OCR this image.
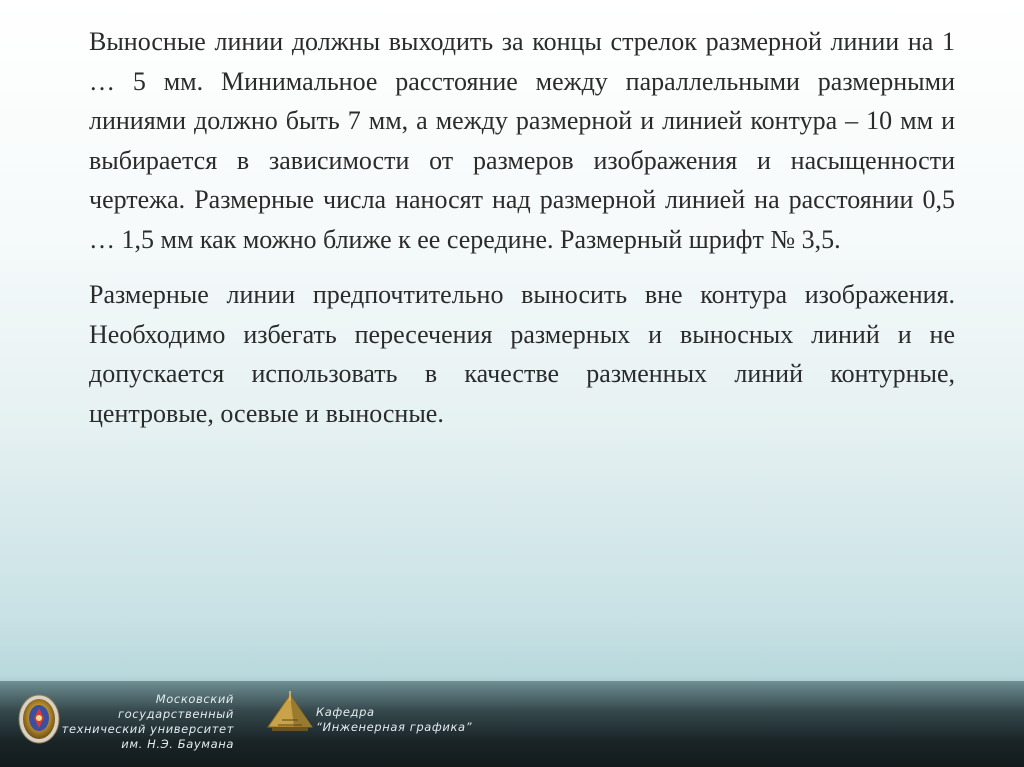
Выносные линии должны выходить за концы стрелок размерной линии на 1 … 5 мм. Минимальное расстояние между параллельными размерными линиями должно быть 7 мм, а между размерной и линией контура – 10 мм и выбирается в зависимости от размеров изображения и насыщенности чертежа. Размерные числа наносят над размерной линией на расстоянии 0,5 … 1,5 мм как можно ближе к ее середине. Размерный шрифт № 3,5.

Размерные линии предпочтительно выносить вне контура изображения. Необходимо избегать пересечения размерных и выносных линий и не допускается использовать в качестве разменных линий контурные, центровые, осевые и выносные.

Московский государственный
технический университет
им. Н.Э. Баумана
Кафедра
“Инженерная графика”
